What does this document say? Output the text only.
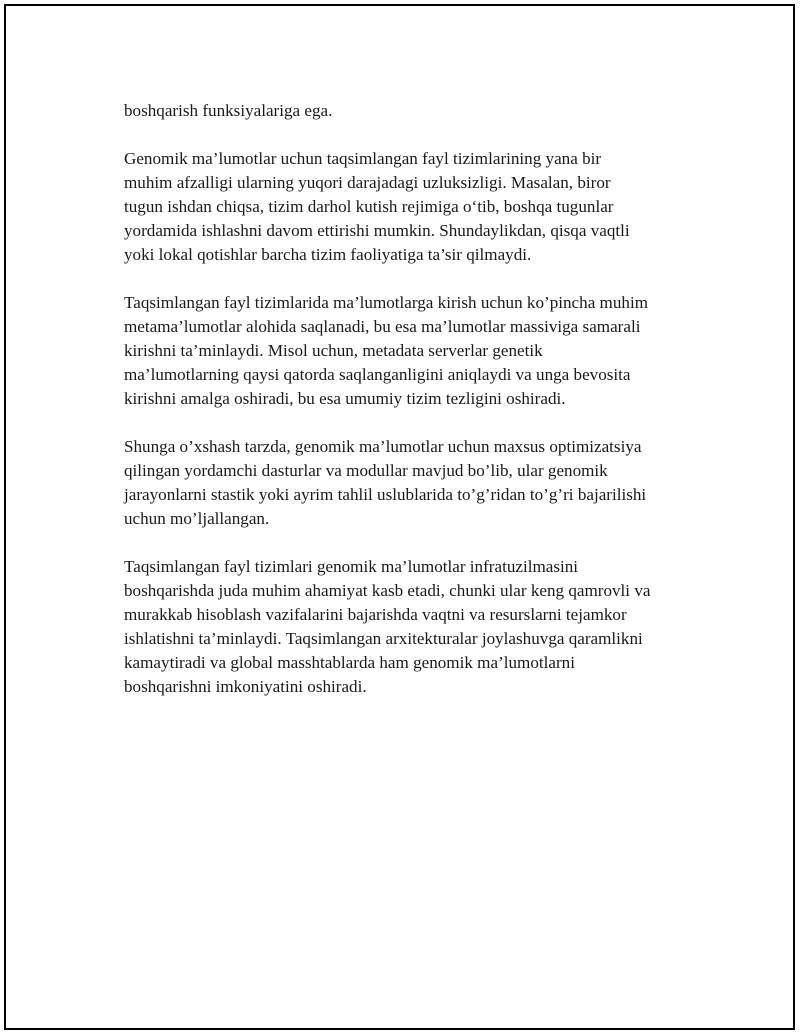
boshqarish funksiyalariga ega.

Genomik ma’lumotlar uchun taqsimlangan fayl tizimlarining yana bir
muhim afzalligi ularning yuqori darajadagi uzluksizligi. Masalan, biror
tugun ishdan chiqsa, tizim darhol kutish rejimiga o‘tib, boshqa tugunlar
yordamida ishlashni davom ettirishi mumkin. Shundaylikdan, qisqa vaqtli
yoki lokal qotishlar barcha tizim faoliyatiga ta’sir qilmaydi.

Taqsimlangan fayl tizimlarida ma’lumotlarga kirish uchun ko’pincha muhim
metama’lumotlar alohida saqlanadi, bu esa ma’lumotlar massiviga samarali
kirishni ta’minlaydi. Misol uchun, metadata serverlar genetik
ma’lumotlarning qaysi qatorda saqlanganligini aniqlaydi va unga bevosita
kirishni amalga oshiradi, bu esa umumiy tizim tezligini oshiradi.

Shunga o’xshash tarzda, genomik ma’lumotlar uchun maxsus optimizatsiya
qilingan yordamchi dasturlar va modullar mavjud bo’lib, ular genomik
jarayonlarni stastik yoki ayrim tahlil uslublarida to’g’ridan to’g’ri bajarilishi
uchun mo’ljallangan.

Taqsimlangan fayl tizimlari genomik ma’lumotlar infratuzilmasini
boshqarishda juda muhim ahamiyat kasb etadi, chunki ular keng qamrovli va
murakkab hisoblash vazifalarini bajarishda vaqtni va resurslarni tejamkor
ishlatishni ta’minlaydi. Taqsimlangan arxitekturalar joylashuvga qaramlikni
kamaytiradi va global masshtablarda ham genomik ma’lumotlarni
boshqarishni imkoniyatini oshiradi.
